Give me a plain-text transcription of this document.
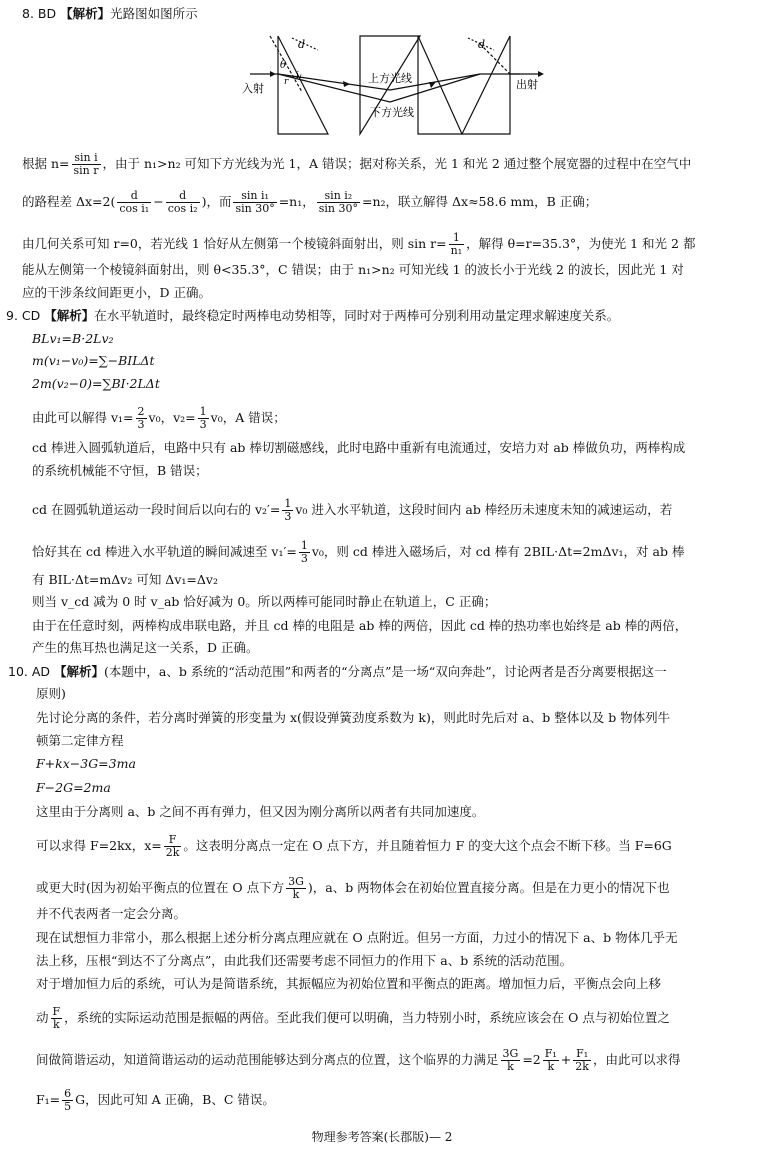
8. BD 【解析】光路图如图所示
d	d
θ
i₁
r	上方光线
下方光线
入射	出射
根据 $n= \frac{\text{sin i}}{\text{sin r}}$ ，由于 n₁>n₂ 可知下方光线为光 1，A 错误；据对称关系，光 1 和光 2 通过整个展宽器的过程中在空气中
的路程差 $\Delta x=2( \frac{d}{\text{cos i₁}} - \frac{d}{\text{cos i₂}}$ )，而 $\frac{\text{sin i₁}}{\sin 30^\circ} =n_1$， $\frac{\text{sin i₂}}{\sin 30^\circ} =n_2$，联立解得 Δx≈58.6 mm，B 正确；
由几何关系可知 r=0，若光线 1 恰好从左侧第一个棱镜斜面射出，则 $\sin r= \frac{1}{\text{n₁}}$ ，解得 θ=r=35.3°，为使光 1 和光 2 都
能从左侧第一个棱镜斜面射出，则 θ<35.3°，C 错误；由于 n₁>n₂ 可知光线 1 的波长小于光线 2 的波长，因此光 1 对
应的干涉条纹间距更小，D 正确。
9. CD 【解析】在水平轨道时，最终稳定时两棒电动势相等，同时对于两棒可分别利用动量定理求解速度关系。
BLv₁=B·2Lv₂
m(v₁−v₀)=∑−BILΔt
2m(v₂−0)=∑BI·2LΔt
由此可以解得 $v_1= \frac{2}{3} v_0$，$v_2= \frac{1}{3} v_0$，A 错误；
cd 棒进入圆弧轨道后，电路中只有 ab 棒切割磁感线，此时电路中重新有电流通过，安培力对 ab 棒做负功，两棒构成
的系统机械能不守恒，B 错误；
cd 在圆弧轨道运动一段时间后以向右的 $v_2'= \frac{1}{3} v_0$ 进入水平轨道，这段时间内 ab 棒经历未速度未知的减速运动，若
恰好其在 cd 棒进入水平轨道的瞬间减速至 $v_1'= \frac{1}{3} v_0$，则 cd 棒进入磁场后，对 cd 棒有 2BIL·Δt=2mΔv₁，对 ab 棒
有 BIL·Δt=mΔv₂ 可知 Δv₁=Δv₂
则当 v_cd 减为 0 时 v_ab 恰好减为 0。所以两棒可能同时静止在轨道上，C 正确；
由于在任意时刻，两棒构成串联电路，并且 cd 棒的电阻是 ab 棒的两倍，因此 cd 棒的热功率也始终是 ab 棒的两倍，
产生的焦耳热也满足这一关系，D 正确。
10. AD 【解析】(本题中，a、b 系统的“活动范围”和两者的“分离点”是一场“双向奔赴”，讨论两者是否分离要根据这一
原则)
先讨论分离的条件，若分离时弹簧的形变量为 x(假设弹簧劲度系数为 k)，则此时先后对 a、b 整体以及 b 物体列牛
顿第二定律方程
F+kx−3G=3ma
F−2G=2ma
这里由于分离则 a、b 之间不再有弹力，但又因为刚分离所以两者有共同加速度。
可以求得 F=2kx，$x= \frac{F}{2k}$ 。这表明分离点一定在 O 点下方，并且随着恒力 F 的变大这个点会不断下移。当 F=6G
或更大时(因为初始平衡点的位置在 O 点下方 $\frac{3G}{k}$ )，a、b 两物体会在初始位置直接分离。但是在力更小的情况下也
并不代表两者一定会分离。
现在试想恒力非常小，那么根据上述分析分离点理应就在 O 点附近。但另一方面，力过小的情况下 a、b 物体几乎无
法上移，压根“到达不了分离点”，由此我们还需要考虑不同恒力的作用下 a、b 系统的活动范围。
对于增加恒力后的系统，可认为是简谐系统，其振幅应为初始位置和平衡点的距离。增加恒力后，平衡点会向上移
动 $\frac{F}{k}$ ，系统的实际运动范围是振幅的两倍。至此我们便可以明确，当力特别小时，系统应该会在 O 点与初始位置之
间做简谐运动，知道简谐运动的运动范围能够达到分离点的位置，这个临界的力满足 $\frac{3G}{k} =2 \frac{\text{F₁}}{k} + \frac{\text{F₁}}{2k}$ ，由此可以求得
$F_1= \frac{6}{5}$ G，因此可知 A 正确，B、C 错误。
物理参考答案(长郡版)— 2
